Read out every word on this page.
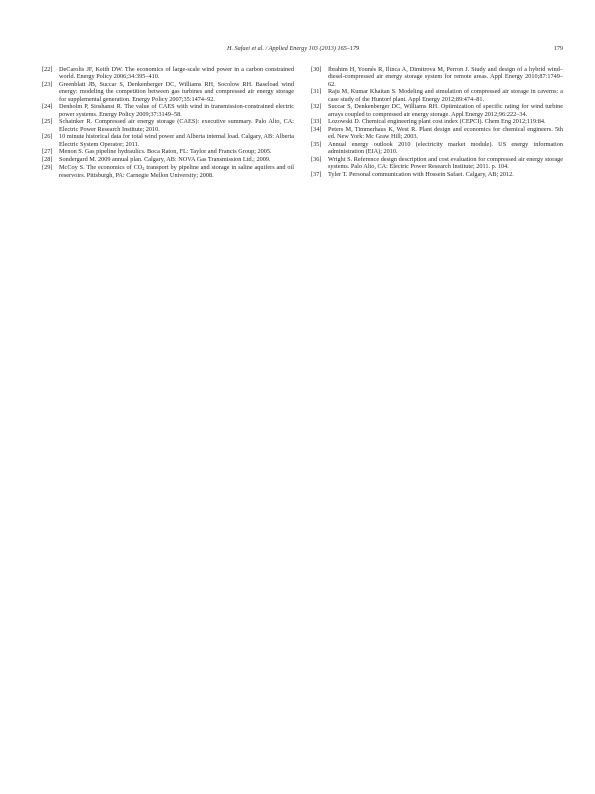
H. Safaei et al. / Applied Energy 103 (2013) 165–179	179
[22] DeCarolis JF, Keith DW. The economics of large-scale wind power in a carbon constrained world. Energy Policy 2006;34:395–410.
[23] Greenblatt JB, Succar S, Denkenberger DC, Williams RH, Socolow RH. Baseload wind energy: modeling the competition between gas turbines and compressed air energy storage for supplemental generation. Energy Policy 2007;35:1474–92.
[24] Denholm P, Sioshansi R. The value of CAES with wind in transmission-constrained electric power systems. Energy Policy 2009;37:3149–58.
[25] Schainker R. Compressed air energy storage (CAES): executive summary. Palo Alto, CA: Electric Power Research Institute; 2010.
[26] 10 minute historical data for total wind power and Alberta internal load. Calgary, AB: Alberta Electric System Operator; 2011.
[27] Menon S. Gas pipeline hydraulics. Boca Raton, FL: Taylor and Francis Group; 2005.
[28] Sondergard M. 2009 annual plan. Calgary, AB: NOVA Gas Transmission Ltd.; 2009.
[29] McCoy S. The economics of $CO_2$ transport by pipeline and storage in saline aquifers and oil reservoirs. Pittsburgh, PA: Carnegie Mellon University; 2008.
[30] Ibrahim H, Younès R, Ilinca A, Dimitrova M, Perron J. Study and design of a hybrid wind–diesel-compressed air energy storage system for remote areas. Appl Energy 2010;87:1749–62.
[31] Raju M, Kumar Khaitan S. Modeling and simulation of compressed air storage in caverns: a case study of the Huntorf plant. Appl Energy 2012;89:474–81.
[32] Succar S, Denkenberger DC, Williams RH. Optimization of specific rating for wind turbine arrays coupled to compressed air energy storage. Appl Energy 2012;96:222–34.
[33] Lozowski D. Chemical engineering plant cost index (CEPCI). Chem Eng 2012;119:84.
[34] Peters M, Timmerhaus K, West R. Plant design and economics for chemical engineers. 5th ed. New York: Mc Graw Hill; 2003.
[35] Annual energy outlook 2010 (electricity market module). US energy information administration (EIA); 2010.
[36] Wright S. Reference design description and cost evaluation for compressed air energy storage systems. Palo Alto, CA: Electric Power Research Institute; 2011. p. 104.
[37] Tyler T. Personal communication with Hossein Safaei. Calgary, AB; 2012.
